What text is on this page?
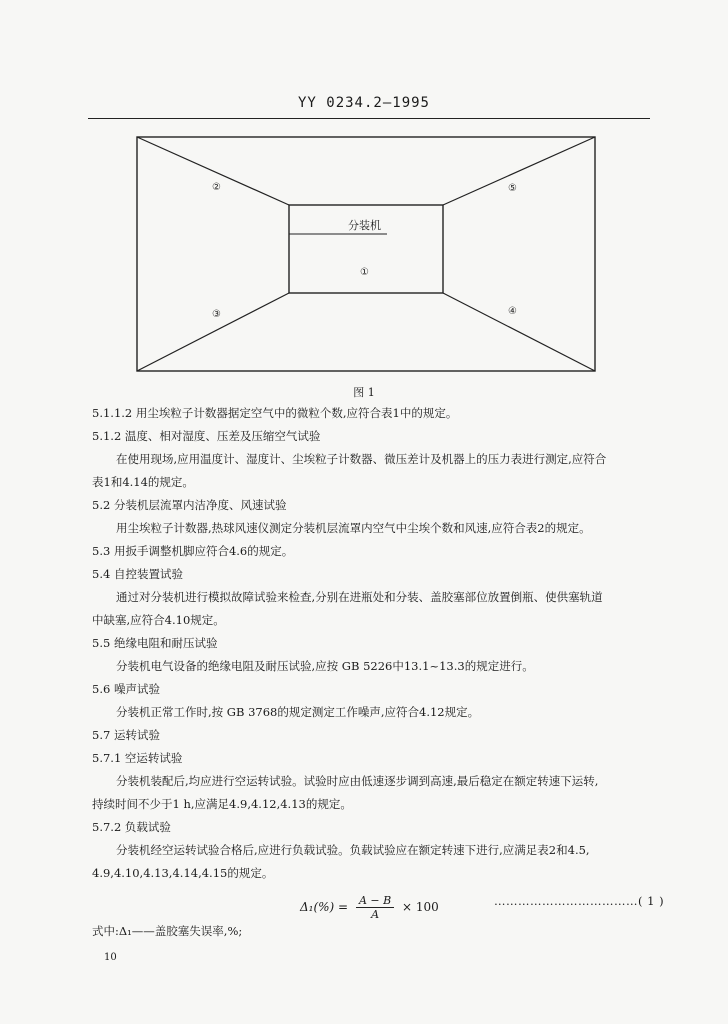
YY 0234.2—1995
分装机
②	⑤
①
③	④
图 1
5.1.1.2 用尘埃粒子计数器据定空气中的微粒个数,应符合表1中的规定。
5.1.2 温度、相对湿度、压差及压缩空气试验
在使用现场,应用温度计、湿度计、尘埃粒子计数器、微压差计及机器上的压力表进行测定,应符合
表1和4.14的规定。
5.2 分装机层流罩内洁净度、风速试验
用尘埃粒子计数器,热球风速仪测定分装机层流罩内空气中尘埃个数和风速,应符合表2的规定。
5.3 用扳手调整机脚应符合4.6的规定。
5.4 自控装置试验
通过对分装机进行模拟故障试验来检查,分别在进瓶处和分装、盖胶塞部位放置倒瓶、使供塞轨道
中缺塞,应符合4.10规定。
5.5 绝缘电阻和耐压试验
分装机电气设备的绝缘电阻及耐压试验,应按 GB 5226中13.1~13.3的规定进行。
5.6 噪声试验
分装机正常工作时,按 GB 3768的规定测定工作噪声,应符合4.12规定。
5.7 运转试验
5.7.1 空运转试验
分装机装配后,均应进行空运转试验。试验时应由低速逐步调到高速,最后稳定在额定转速下运转,
持续时间不少于1 h,应满足4.9,4.12,4.13的规定。
5.7.2 负载试验
分装机经空运转试验合格后,应进行负载试验。负载试验应在额定转速下进行,应满足表2和4.5,
4.9,4.10,4.13,4.14,4.15的规定。
$\Delta_1(\%) = \frac{A - B}{A} \times 100$	………………………………( 1 )
式中:Δ₁——盖胶塞失误率,%;
10
